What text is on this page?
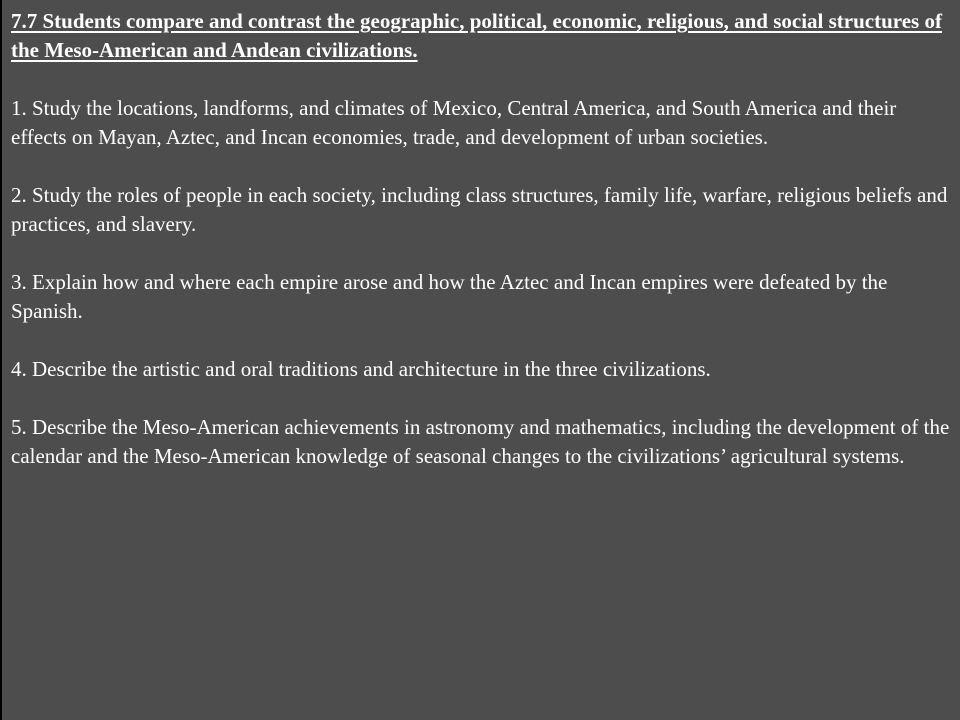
7.7 Students compare and contrast the geographic, political, economic, religious, and social structures of the Meso-American and Andean civilizations.

1. Study the locations, landforms, and climates of Mexico, Central America, and South America and their effects on Mayan, Aztec, and Incan economies, trade, and development of urban societies.
2. Study the roles of people in each society, including class structures, family life, warfare, religious beliefs and practices, and slavery.
3. Explain how and where each empire arose and how the Aztec and Incan empires were defeated by the Spanish.
4. Describe the artistic and oral traditions and architecture in the three civilizations.
5. Describe the Meso-American achievements in astronomy and mathematics, including the development of the calendar and the Meso-American knowledge of seasonal changes to the civilizations’ agricultural systems.
